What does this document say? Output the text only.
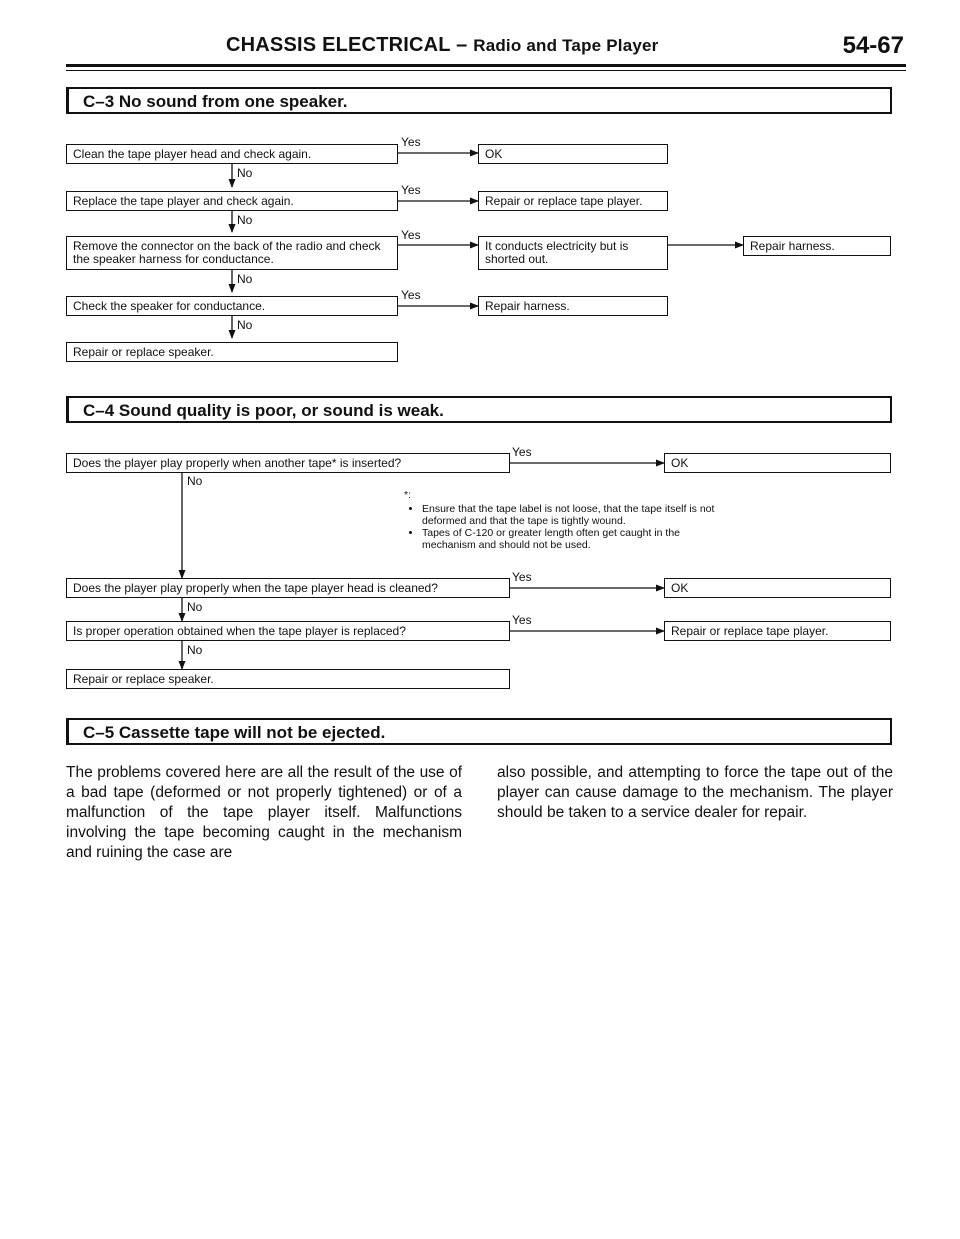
CHASSIS ELECTRICAL – Radio and Tape Player	54-67
C–3 No sound from one speaker.
Clean the tape player head and check again.
Replace the tape player and check again.
Remove the connector on the back of the radio and check the speaker harness for conductance.
Check the speaker for conductance.
Repair or replace speaker.
OK
Repair or replace tape player.
It conducts electricity but is shorted out.
Repair harness.
Repair harness.
Yes
Yes
Yes
Yes
No
No
No
No
C–4 Sound quality is poor, or sound is weak.
Does the player play properly when another tape* is inserted?
Does the player play properly when the tape player head is cleaned?
Is proper operation obtained when the tape player is replaced?
Repair or replace speaker.
OK
OK
Repair or replace tape player.
Yes
Yes
Yes
No
No
No
*:
• Ensure that the tape label is not loose, that the tape itself is not deformed and that the tape is tightly wound.
• Tapes of C-120 or greater length often get caught in the mechanism and should not be used.
C–5 Cassette tape will not be ejected.
The problems covered here are all the result of the use of a bad tape (deformed or not properly tightened) or of a malfunction of the tape player itself. Malfunctions involving the tape becoming caught in the mechanism and ruining the case are
also possible, and attempting to force the tape out of the player can cause damage to the mechanism. The player should be taken to a service dealer for repair.
